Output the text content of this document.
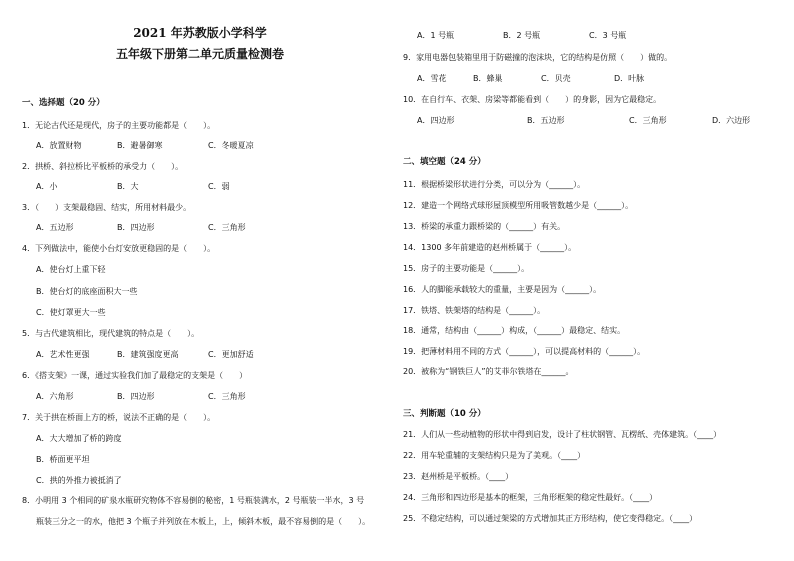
2021 年苏教版小学科学
五年级下册第二单元质量检测卷
一、选择题（20 分）
1．无论古代还是现代，房子的主要功能都是（　　）。
A．放置财物	B．避暑御寒	C．冬暖夏凉
2．拱桥、斜拉桥比平板桥的承受力（　　）。
A．小	B．大	C．弱
3．（　　）支架最稳固、结实，所用材料最少。
A．五边形	B．四边形	C．三角形
4．下列做法中，能使小台灯安放更稳固的是（　　）。
A．使台灯上重下轻
B．使台灯的底座面积大一些
C．使灯罩更大一些
5．与古代建筑相比，现代建筑的特点是（　　）。
A．艺术性更强	B．建筑强度更高	C．更加舒适
6．《搭支架》一课，通过实验我们加了最稳定的支架是（　　）
A．六角形	B．四边形	C．三角形
7．关于拱在桥面上方的桥，说法不正确的是（　　）。
A．大大增加了桥的跨度
B．桥面更平坦
C．拱的外推力被抵消了
8．小明用 3 个相同的矿泉水瓶研究物体不容易倒的秘密，1 号瓶装满水，2 号瓶装一半水，3 号
瓶装三分之一的水，他把 3 个瓶子并列放在木板上，上，倾斜木板，最不容易倒的是（　　）。
A．1 号瓶	B．2 号瓶	C．3 号瓶
9．家用电器包装箱里用于防磁撞的泡沫块，它的结构是仿照（　　）做的。
A．雪花	B．蜂巢	C．贝壳	D．叶脉
10．在自行车、衣架、房梁等都能看到（　　）的身影，因为它最稳定。
A．四边形	B．五边形	C．三角形	D．六边形
二、填空题（24 分）
11．根据桥梁形状进行分类，可以分为（______）。
12．建造一个网络式球形屋顶模型所用吸管数越少是（______）。
13．桥梁的承重力跟桥梁的（______）有关。
14．1300 多年前建造的赵州桥属于（______）。
15．房子的主要功能是（______）。
16．人的脚能承载较大的重量，主要是因为（______）。
17．铁塔、铁架塔的结构是（______）。
18．通常，结构由（______）构成，（______）最稳定、结实。
19．把薄材料用不同的方式（______），可以提高材料的（______）。
20．被称为“钢铁巨人”的艾菲尔铁塔在______。
三、判断题（10 分）
21．人们从一些动植物的形状中得到启发，设计了柱状钢管、瓦楞纸、壳体建筑。（____）
22．用车轮重辅的支架结构只是为了美观。（____）
23．赵州桥是平板桥。（____）
24．三角形和四边形是基本的框架，三角形框架的稳定性最好。（____）
25．不稳定结构，可以通过架梁的方式增加其正方形结构，使它变得稳定。（____）
